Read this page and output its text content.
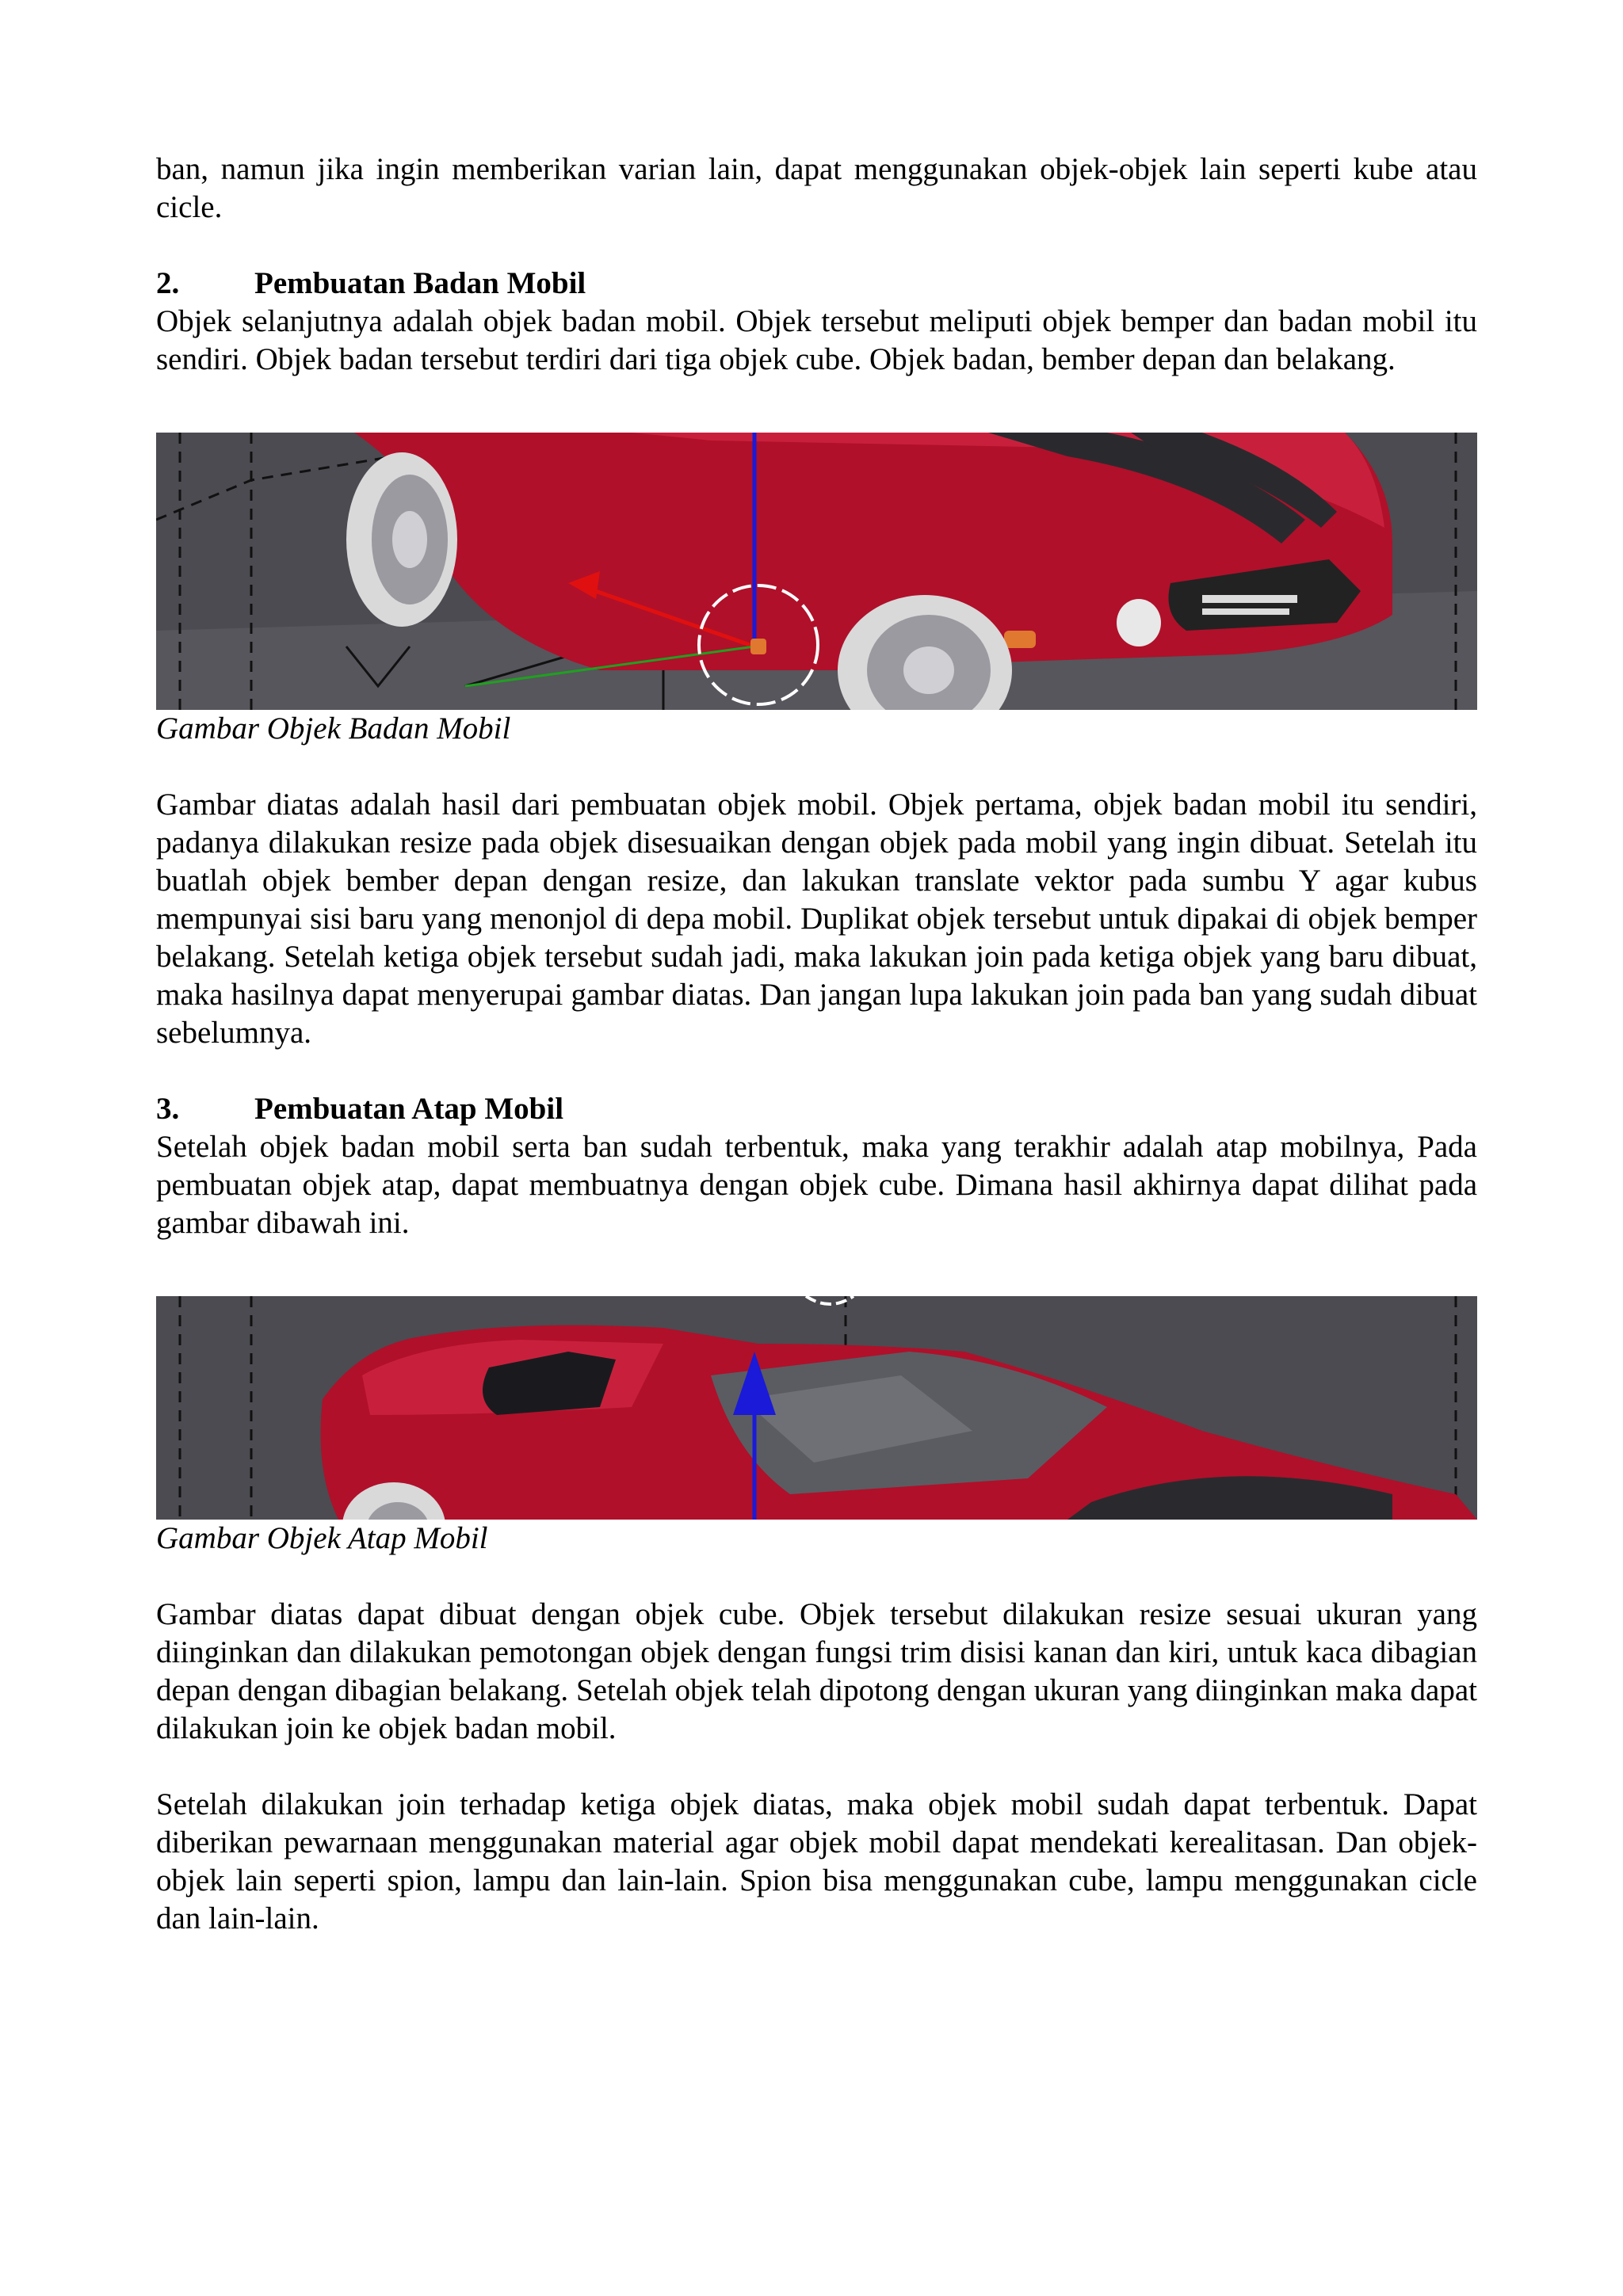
ban, namun jika ingin memberikan varian lain, dapat menggunakan objek-objek lain seperti kube atau cicle.

2.	Pembuatan Badan Mobil

Objek selanjutnya adalah objek badan mobil. Objek tersebut meliputi objek bemper dan badan mobil itu sendiri. Objek badan tersebut terdiri dari tiga objek cube. Objek badan, bember depan dan belakang.

Gambar Objek Badan Mobil

Gambar diatas adalah hasil dari pembuatan objek mobil. Objek pertama, objek badan mobil itu sendiri, padanya dilakukan resize pada objek disesuaikan dengan objek pada mobil yang ingin dibuat. Setelah itu buatlah objek bember depan dengan resize, dan lakukan translate vektor pada sumbu Y agar kubus mempunyai sisi baru yang menonjol di depa mobil. Duplikat objek tersebut untuk dipakai di objek bemper belakang. Setelah ketiga objek tersebut sudah jadi, maka lakukan join pada ketiga objek yang baru dibuat, maka hasilnya dapat menyerupai gambar diatas. Dan jangan lupa lakukan join pada ban yang sudah dibuat sebelumnya.

3.	Pembuatan Atap Mobil

Setelah objek badan mobil serta ban sudah terbentuk, maka yang terakhir adalah atap mobilnya, Pada pembuatan objek atap, dapat membuatnya dengan objek cube. Dimana hasil akhirnya dapat dilihat pada gambar dibawah ini.

Gambar Objek Atap Mobil

Gambar diatas dapat dibuat dengan objek cube. Objek tersebut dilakukan resize sesuai ukuran yang diinginkan dan dilakukan pemotongan objek dengan fungsi trim disisi kanan dan kiri, untuk kaca dibagian depan dengan dibagian belakang. Setelah objek telah dipotong dengan ukuran yang diinginkan maka dapat dilakukan join ke objek badan mobil.

Setelah dilakukan join terhadap ketiga objek diatas, maka objek mobil sudah dapat terbentuk. Dapat diberikan pewarnaan menggunakan material agar objek mobil dapat mendekati kerealitasan. Dan objek-objek lain seperti spion, lampu dan lain-lain. Spion bisa menggunakan cube, lampu menggunakan cicle dan lain-lain.
